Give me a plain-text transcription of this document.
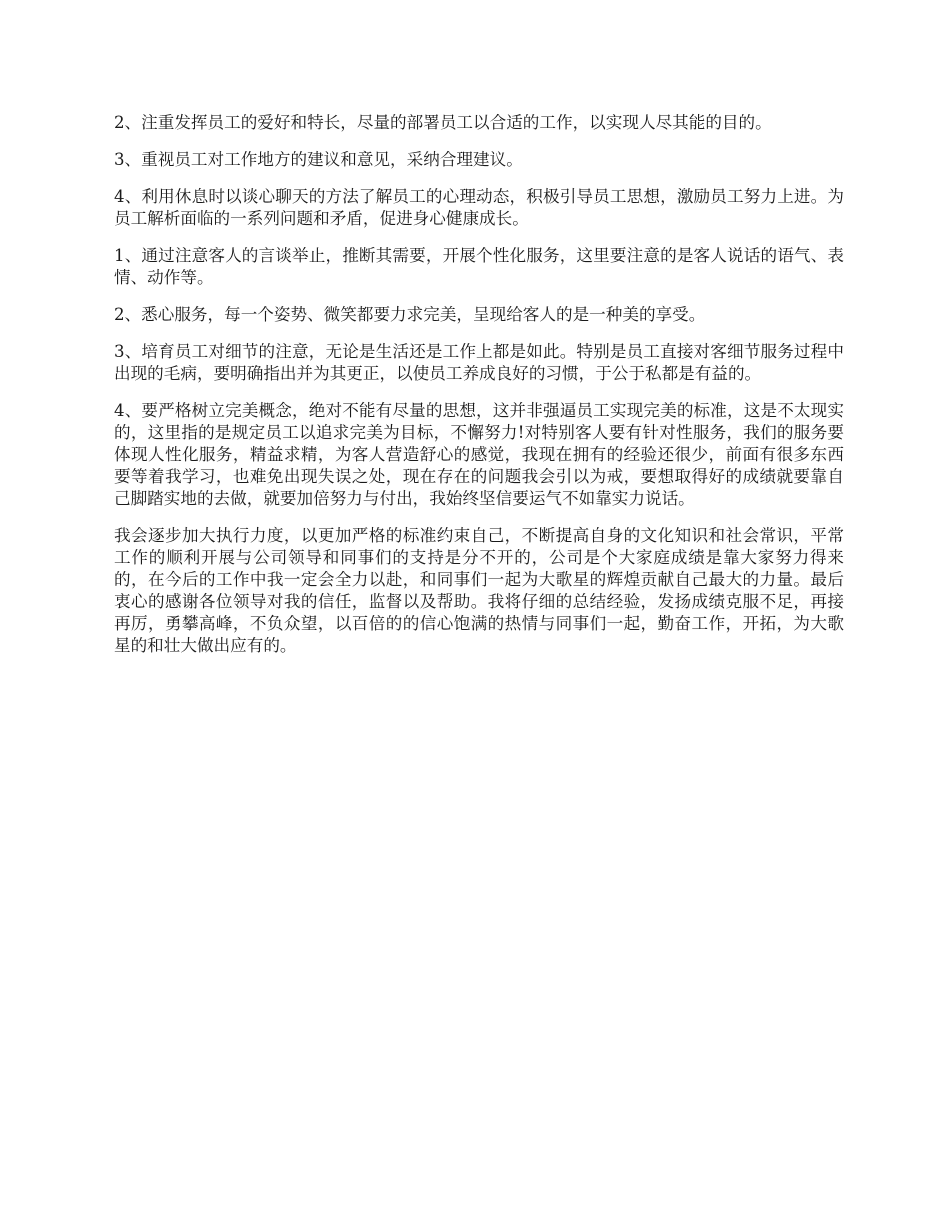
2、注重发挥员工的爱好和特长，尽量的部署员工以合适的工作，以实现人尽其能的目的。

3、重视员工对工作地方的建议和意见，采纳合理建议。

4、利用休息时以谈心聊天的方法了解员工的心理动态，积极引导员工思想，激励员工努力上进。为员工解析面临的一系列问题和矛盾，促进身心健康成长。

1、通过注意客人的言谈举止，推断其需要，开展个性化服务，这里要注意的是客人说话的语气、表情、动作等。

2、悉心服务，每一个姿势、微笑都要力求完美，呈现给客人的是一种美的享受。

3、培育员工对细节的注意，无论是生活还是工作上都是如此。特别是员工直接对客细节服务过程中出现的毛病，要明确指出并为其更正，以使员工养成良好的习惯，于公于私都是有益的。

4、要严格树立完美概念，绝对不能有尽量的思想，这并非强逼员工实现完美的标准，这是不太现实的，这里指的是规定员工以追求完美为目标，不懈努力!对特别客人要有针对性服务，我们的服务要体现人性化服务，精益求精，为客人营造舒心的感觉，我现在拥有的经验还很少，前面有很多东西要等着我学习，也难免出现失误之处，现在存在的问题我会引以为戒，要想取得好的成绩就要靠自己脚踏实地的去做，就要加倍努力与付出，我始终坚信要运气不如靠实力说话。

我会逐步加大执行力度，以更加严格的标准约束自己，不断提高自身的文化知识和社会常识，平常工作的顺利开展与公司领导和同事们的支持是分不开的，公司是个大家庭成绩是靠大家努力得来的，在今后的工作中我一定会全力以赴，和同事们一起为大歌星的辉煌贡献自己最大的力量。最后衷心的感谢各位领导对我的信任，监督以及帮助。我将仔细的总结经验，发扬成绩克服不足，再接再厉，勇攀高峰，不负众望，以百倍的的信心饱满的热情与同事们一起，勤奋工作，开拓，为大歌星的和壮大做出应有的。
